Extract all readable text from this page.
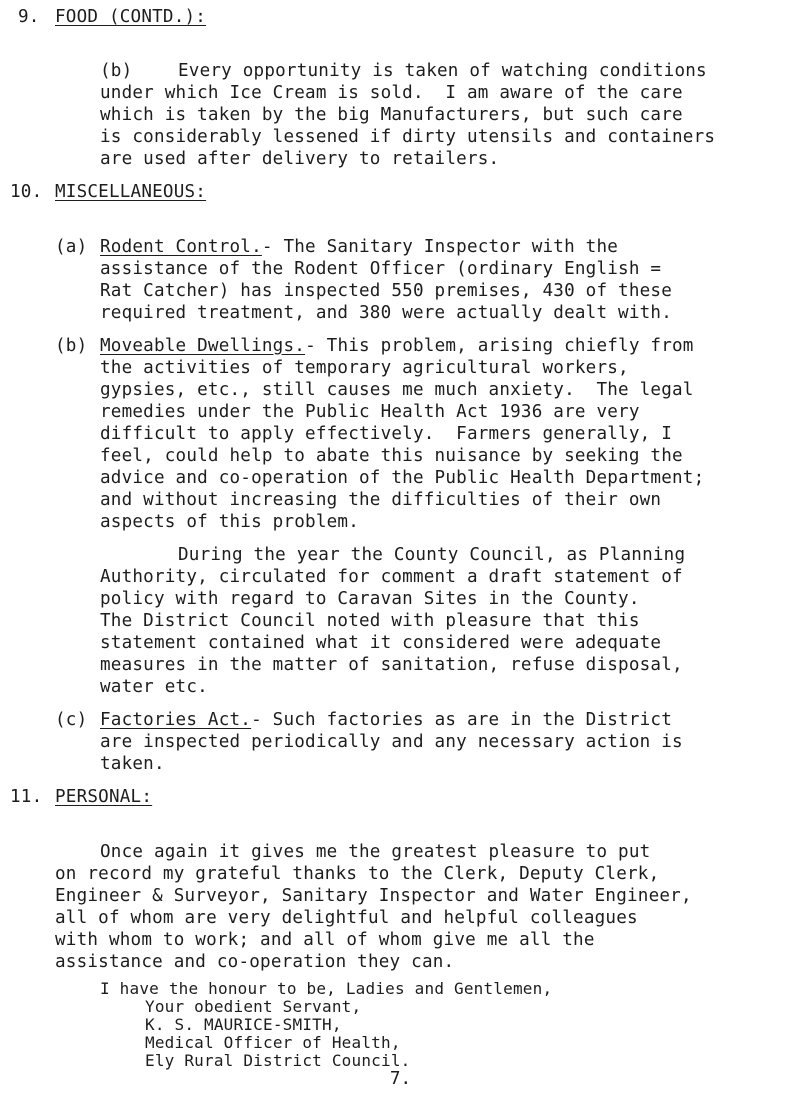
9. FOOD (CONTD.):
(b)	Every opportunity is taken of watching conditions
under which Ice Cream is sold.  I am aware of the care
which is taken by the big Manufacturers, but such care
is considerably lessened if dirty utensils and containers
are used after delivery to retailers.
10. MISCELLANEOUS:
(a) Rodent Control.- The Sanitary Inspector with the
assistance of the Rodent Officer (ordinary English =
Rat Catcher) has inspected 550 premises, 430 of these
required treatment, and 380 were actually dealt with.
(b) Moveable Dwellings.- This problem, arising chiefly from
the activities of temporary agricultural workers,
gypsies, etc., still causes me much anxiety.  The legal
remedies under the Public Health Act 1936 are very
difficult to apply effectively.  Farmers generally, I
feel, could help to abate this nuisance by seeking the
advice and co-operation of the Public Health Department;
and without increasing the difficulties of their own
aspects of this problem.
During the year the County Council, as Planning
Authority, circulated for comment a draft statement of
policy with regard to Caravan Sites in the County.
The District Council noted with pleasure that this
statement contained what it considered were adequate
measures in the matter of sanitation, refuse disposal,
water etc.
(c) Factories Act.- Such factories as are in the District
are inspected periodically and any necessary action is
taken.
11. PERSONAL:
Once again it gives me the greatest pleasure to put
on record my grateful thanks to the Clerk, Deputy Clerk,
Engineer & Surveyor, Sanitary Inspector and Water Engineer,
all of whom are very delightful and helpful colleagues
with whom to work; and all of whom give me all the
assistance and co-operation they can.
I have the honour to be, Ladies and Gentlemen,
Your obedient Servant,
7.
K. S. MAURICE-SMITH,
Medical Officer of Health,
Ely Rural District Council.
